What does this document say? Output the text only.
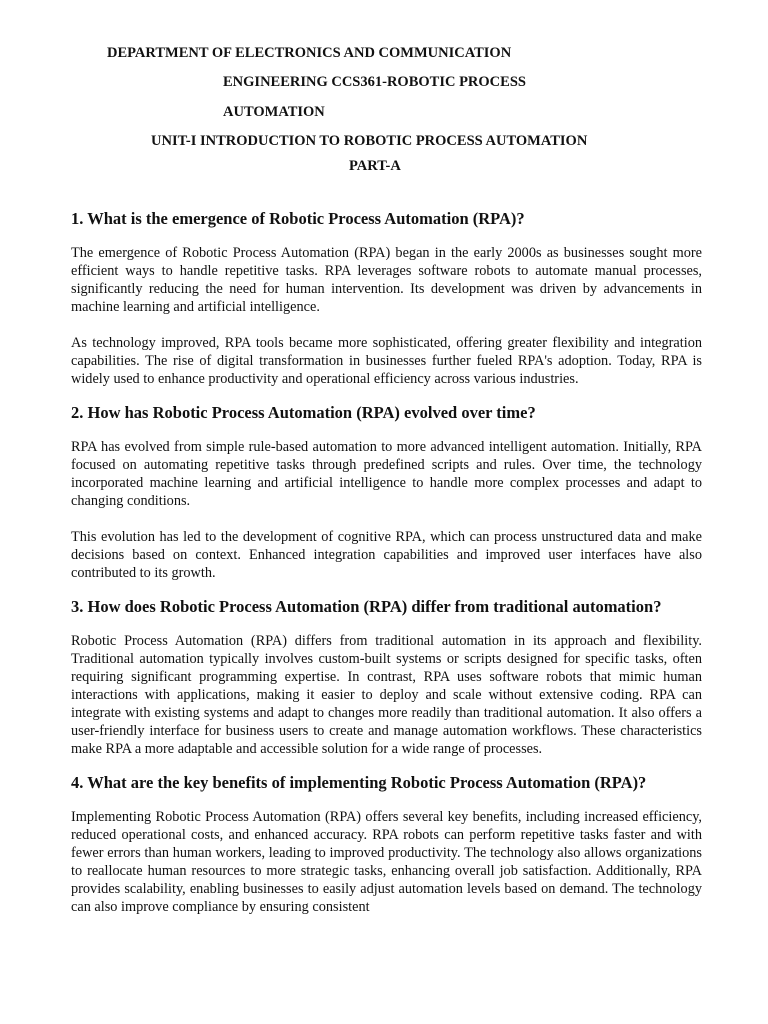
DEPARTMENT OF ELECTRONICS AND COMMUNICATION

ENGINEERING CCS361-ROBOTIC PROCESS

AUTOMATION

UNIT-I INTRODUCTION TO ROBOTIC PROCESS AUTOMATION

PART-A

1. What is the emergence of Robotic Process Automation (RPA)?

The emergence of Robotic Process Automation (RPA) began in the early 2000s as businesses sought more efficient ways to handle repetitive tasks. RPA leverages software robots to automate manual processes, significantly reducing the need for human intervention. Its development was driven by advancements in machine learning and artificial intelligence.

As technology improved, RPA tools became more sophisticated, offering greater flexibility and integration capabilities. The rise of digital transformation in businesses further fueled RPA's adoption. Today, RPA is widely used to enhance productivity and operational efficiency across various industries.

2. How has Robotic Process Automation (RPA) evolved over time?

RPA has evolved from simple rule-based automation to more advanced intelligent automation. Initially, RPA focused on automating repetitive tasks through predefined scripts and rules. Over time, the technology incorporated machine learning and artificial intelligence to handle more complex processes and adapt to changing conditions.

This evolution has led to the development of cognitive RPA, which can process unstructured data and make decisions based on context. Enhanced integration capabilities and improved user interfaces have also contributed to its growth.

3. How does Robotic Process Automation (RPA) differ from traditional automation?

Robotic Process Automation (RPA) differs from traditional automation in its approach and flexibility. Traditional automation typically involves custom-built systems or scripts designed for specific tasks, often requiring significant programming expertise. In contrast, RPA uses software robots that mimic human interactions with applications, making it easier to deploy and scale without extensive coding. RPA can integrate with existing systems and adapt to changes more readily than traditional automation. It also offers a user-friendly interface for business users to create and manage automation workflows. These characteristics make RPA a more adaptable and accessible solution for a wide range of processes.

4. What are the key benefits of implementing Robotic Process Automation (RPA)?

Implementing Robotic Process Automation (RPA) offers several key benefits, including increased efficiency, reduced operational costs, and enhanced accuracy. RPA robots can perform repetitive tasks faster and with fewer errors than human workers, leading to improved productivity. The technology also allows organizations to reallocate human resources to more strategic tasks, enhancing overall job satisfaction. Additionally, RPA provides scalability, enabling businesses to easily adjust automation levels based on demand. The technology can also improve compliance by ensuring consistent
